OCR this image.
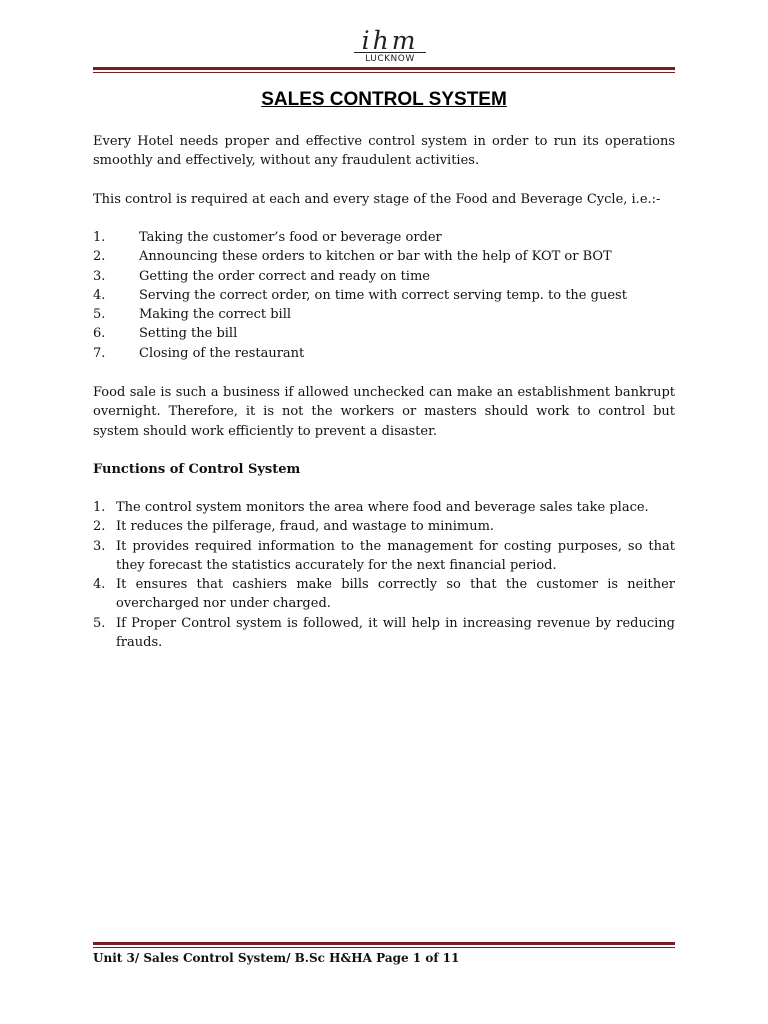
ihm
LUCKNOW
SALES CONTROL SYSTEM
Every Hotel needs proper and effective control system in order to run its operations smoothly and effectively, without any fraudulent activities.
This control is required at each and every stage of the Food and Beverage Cycle, i.e.:-
1.	Taking the customer’s food or beverage order
2.	Announcing these orders to kitchen or bar with the help of KOT or BOT
3.	Getting the order correct and ready on time
4.	Serving the correct order, on time with correct serving temp. to the guest
5.	Making the correct bill
6.	Setting the bill
7.	Closing of the restaurant
Food sale is such a business if allowed unchecked can make an establishment bankrupt overnight. Therefore, it is not the workers or masters should work to control but system should work efficiently to prevent a disaster.
Functions of Control System
1. The control system monitors the area where food and beverage sales take place.
2. It reduces the pilferage, fraud, and wastage to minimum.
3. It provides required information to the management for costing purposes, so that they forecast the statistics accurately for the next financial period.
4. It ensures that cashiers make bills correctly so that the customer is neither overcharged nor under charged.
5. If Proper Control system is followed, it will help in increasing revenue by reducing frauds.
Unit 3/ Sales Control System/ B.Sc H&HA Page 1 of 11
